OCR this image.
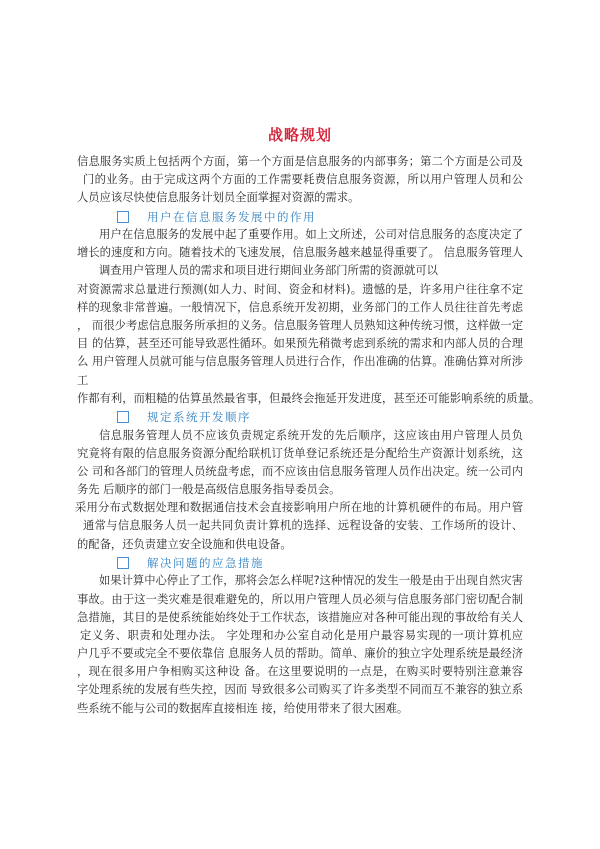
战略规划
信息服务实质上包括两个方面，第一个方面是信息服务的内部事务；第二个方面是公司及
门的业务。由于完成这两个方面的工作需要耗费信息服务资源，所以用户管理人员和公
人员应该尽快使信息服务计划员全面掌握对资源的需求。
用户在信息服务发展中的作用
用户在信息服务的发展中起了重要作用。如上文所述，公司对信息服务的态度决定了
增长的速度和方向。随着技术的飞速发展，信息服务越来越显得重要了。 信息服务管理人
调查用户管理人员的需求和项目进行期间业务部门所需的资源就可以
对资源需求总量进行预测(如人力、时间、资金和材料)。遗憾的是，许多用户往往拿不定
样的现象非常普遍。一般情况下，信息系统开发初期，业务部门的工作人员往往首先考虑
， 而很少考虑信息服务所承担的义务。信息服务管理人员熟知这种传统习惯，这样做一定
目 的估算，甚至还可能导致恶性循环。如果预先稍微考虑到系统的需求和内部人员的合理
么 用户管理人员就可能与信息服务管理人员进行合作，作出准确的估算。准确估算对所涉
工
作都有利，而粗糙的估算虽然最省事，但最终会拖延开发进度，甚至还可能影响系统的质量。
规定系统开发顺序
信息服务管理人员不应该负责规定系统开发的先后顺序，这应该由用户管理人员负
究竟将有限的信息服务资源分配给联机订货单登记系统还是分配给生产资源计划系统，这
公 司和各部门的管理人员统盘考虑，而不应该由信息服务管理人员作出决定。统一公司内
务先 后顺序的部门一般是高级信息服务指导委员会。
采用分布式数据处理和数据通信技术会直接影响用户所在地的计算机硬件的布局。用户管
通常与信息服务人员一起共同负责计算机的选择、远程设备的安装、工作场所的设计、
的配备，还负责建立安全设施和供电设备。
解决问题的应急措施
如果计算中心停止了工作，那将会怎么样呢?这种情况的发生一般是由于出现自然灾害
事故。由于这一类灾难是很难避免的，所以用户管理人员必须与信息服务部门密切配合制
急措施，其目的是使系统能始终处于工作状态，该措施应对各种可能出现的事故给有关人
定义务、职责和处理办法。 字处理和办公室自动化是用户最容易实现的一项计算机应
户几乎不要或完全不要依靠信 息服务人员的帮助。简单、廉价的独立字处理系统是最经济
，现在很多用户争相购买这种设 备。在这里要说明的一点是，在购买时要特别注意兼容
字处理系统的发展有些失控，因而 导致很多公司购买了许多类型不同而互不兼容的独立系
些系统不能与公司的数据库直接相连 接，给使用带来了很大困难。
